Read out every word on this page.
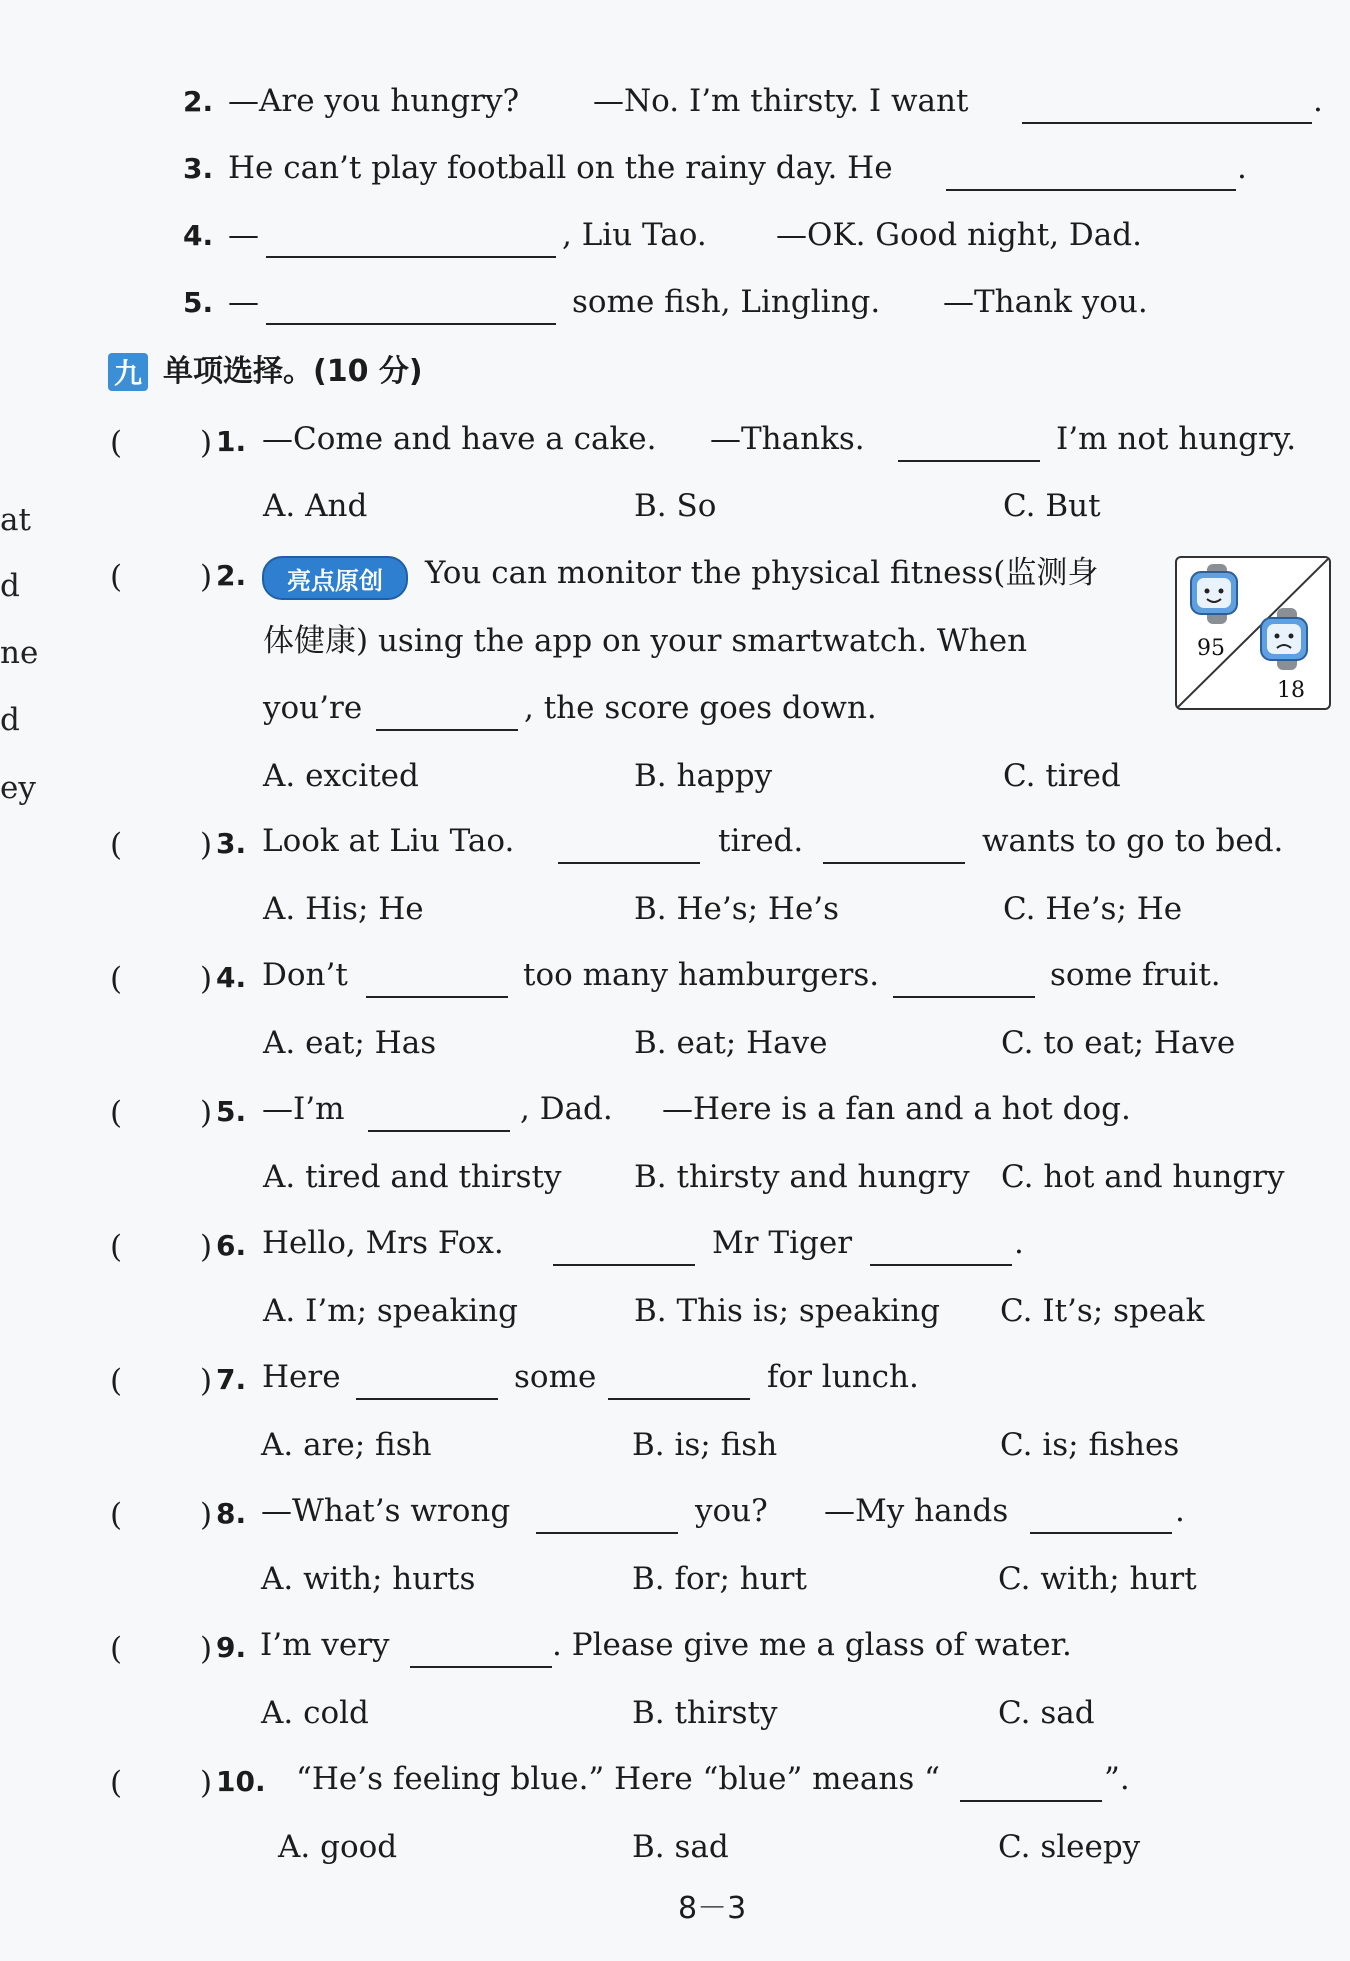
at
d
ne
d
ey
2. —Are you hungry? —No. I’m thirsty. I want	.
3. He can’t play football on the rainy day. He	.
4. —	, Liu Tao. —OK. Good night, Dad.
5. —	some fish, Lingling. —Thank you.
九 单项选择。(10 分)
(	) 1. —Come and have a cake. —Thanks.	I’m not hungry.
A. And	B. So	C. But
(	) 2.	亮点原创	You can monitor the physical fitness(监测身
体健康) using the app on your smartwatch. When
you’re	, the score goes down.
A. excited	B. happy	C. tired
95
18
(	) 3. Look at Liu Tao.	tired.	wants to go to bed.
A. His; He	B. He’s; He’s	C. He’s; He
(	) 4. Don’t	too many hamburgers.	some fruit.
A. eat; Has	B. eat; Have	C. to eat; Have
(	) 5. —I’m	, Dad. —Here is a fan and a hot dog.
A. tired and thirsty B. thirsty and hungry C. hot and hungry
(	) 6. Hello, Mrs Fox.	Mr Tiger	.
A. I’m; speaking	B. This is; speaking C. It’s; speak
(	) 7. Here	some	for lunch.
A. are; fish	B. is; fish	C. is; fishes
(	) 8. —What’s wrong	you? —My hands	.
A. with; hurts	B. for; hurt	C. with; hurt
(	) 9. I’m very	. Please give me a glass of water.
A. cold	B. thirsty	C. sad
(	) 10. “He’s feeling blue.” Here “blue” means “	”.
A. good	B. sad	C. sleepy
8－3
